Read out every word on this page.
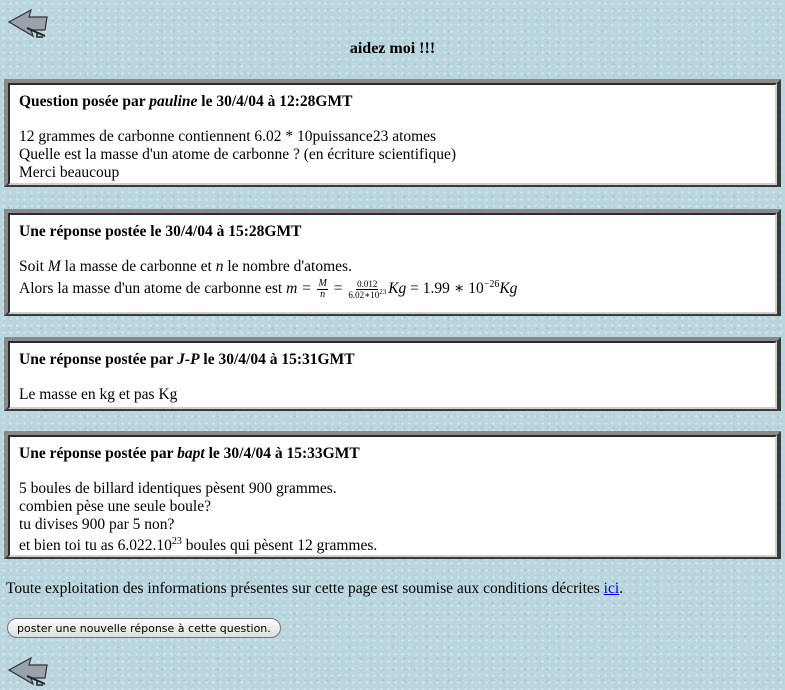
aidez moi !!!
Question posée par pauline le 30/4/04 à 12:28GMT
12 grammes de carbonne contiennent 6.02 * 10puissance23 atomes
Quelle est la masse d'un atome de carbonne ? (en écriture scientifique)
Merci beaucoup
Une réponse postée le 30/4/04 à 15:28GMT
Soit M la masse de carbonne et n le nombre d'atomes.
Alors la masse d'un atome de carbonne est $m = \frac{M}{n} = \frac{0.012}{6.02∗10^{23}}$ Kg = 1.99 ∗ $10^{-26}Kg$
Une réponse postée par J-P le 30/4/04 à 15:31GMT
Le masse en kg et pas Kg
Une réponse postée par bapt le 30/4/04 à 15:33GMT
5 boules de billard identiques pèsent 900 grammes.
combien pèse une seule boule?
tu divises 900 par 5 non?
et bien toi tu as 6.022.10$^{23}$ boules qui pèsent 12 grammes.
Toute exploitation des informations présentes sur cette page est soumise aux conditions décrites ici.
poster une nouvelle réponse à cette question.
